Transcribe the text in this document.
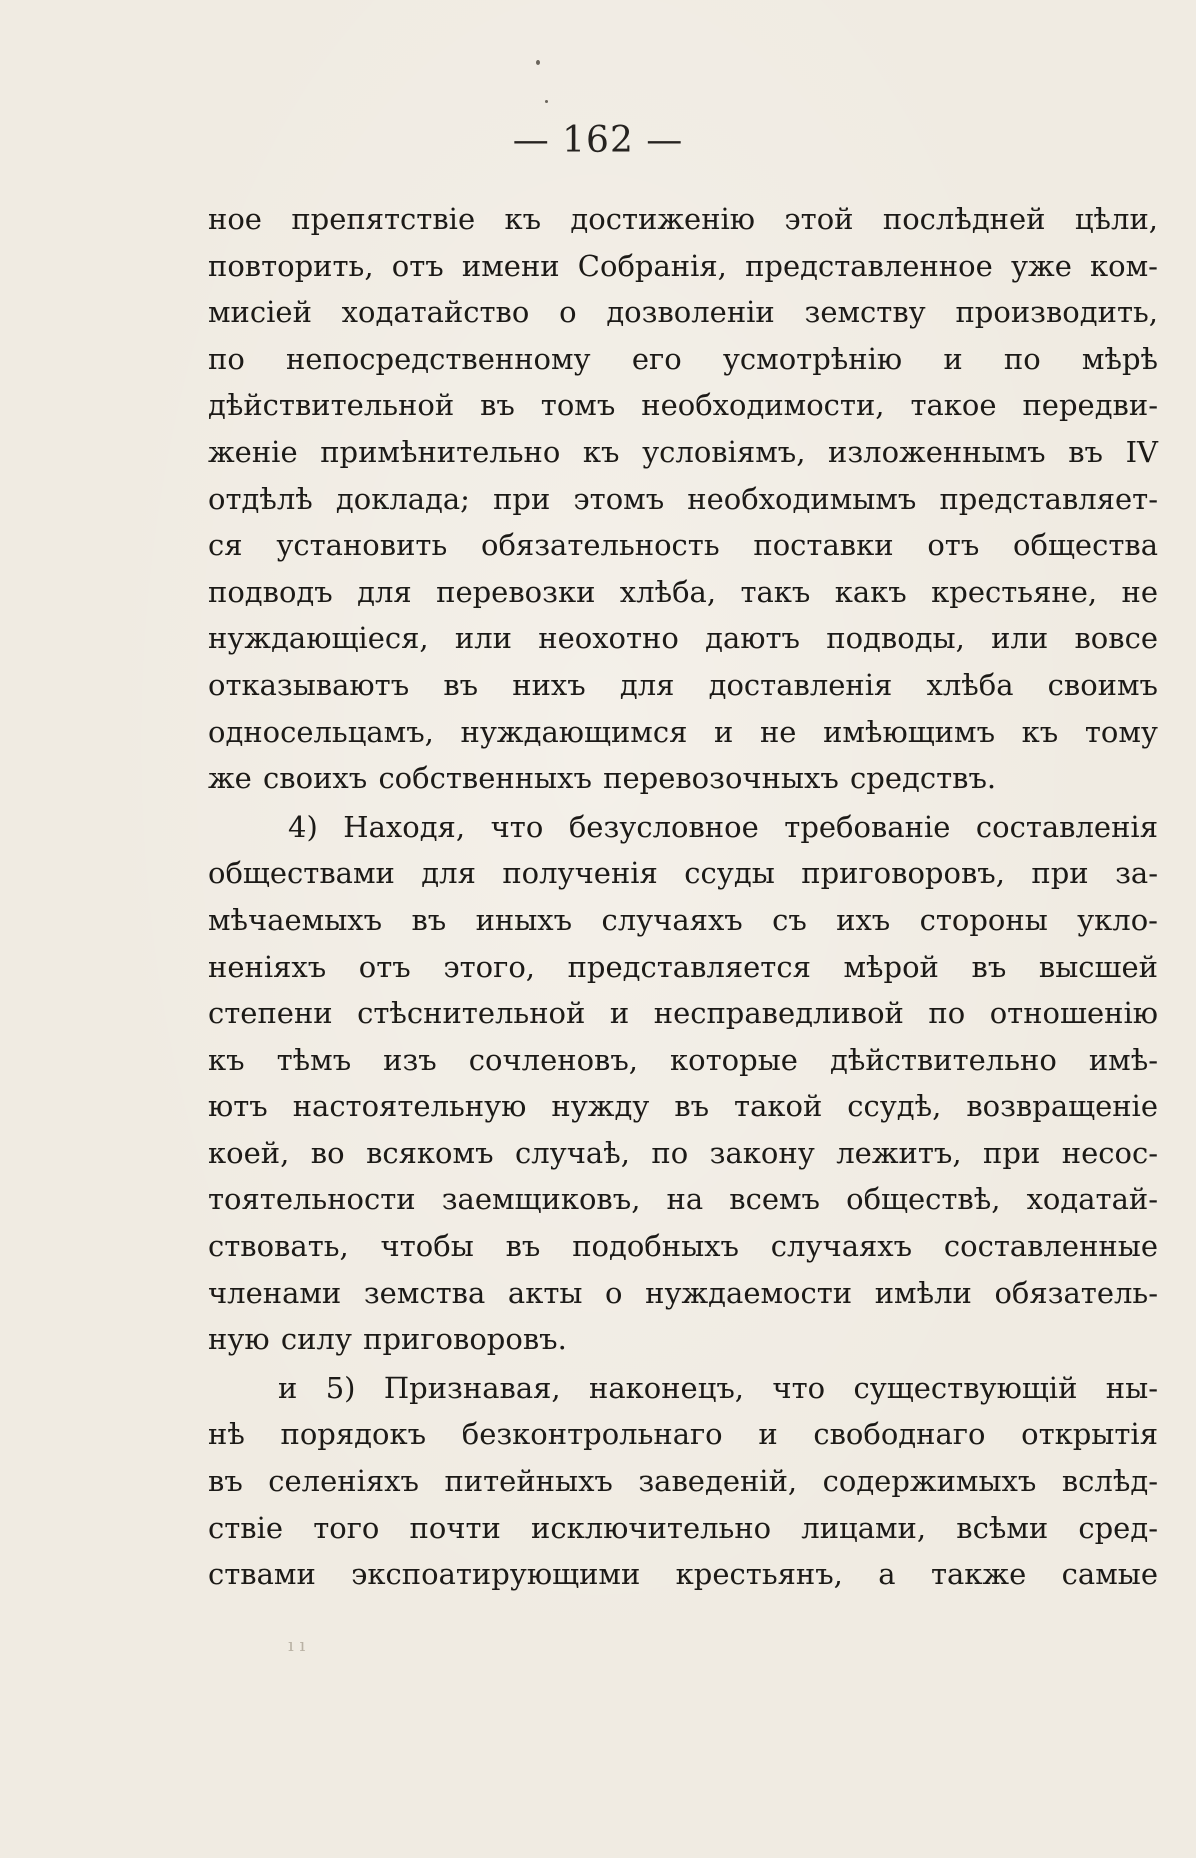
— 162 —
ное препятствіе къ достиженію этой послѣдней цѣли,
повторить, отъ имени Собранія, представленное уже ком-
мисіей ходатайство о дозволеніи земству производить,
по непосредственному его усмотрѣнію и по мѣрѣ
дѣйствительной въ томъ необходимости, такое передви-
женіе примѣнительно къ условіямъ, изложеннымъ въ IV
отдѣлѣ доклада; при этомъ необходимымъ представляет-
ся установить обязательность поставки отъ общества
подводъ для перевозки хлѣба, такъ какъ крестьяне, не
нуждающіеся, или неохотно даютъ подводы, или вовсе
отказываютъ въ нихъ для доставленія хлѣба своимъ
односельцамъ, нуждающимся и не имѣющимъ къ тому
же своихъ собственныхъ перевозочныхъ средствъ.
4) Находя, что безусловное требованіе составленія
обществами для полученія ссуды приговоровъ, при за-
мѣчаемыхъ въ иныхъ случаяхъ съ ихъ стороны укло-
неніяхъ отъ этого, представляется мѣрой въ высшей
степени стѣснительной и несправедливой по отношенію
къ тѣмъ изъ сочленовъ, которые дѣйствительно имѣ-
ютъ настоятельную нужду въ такой ссудѣ, возвращеніе
коей, во всякомъ случаѣ, по закону лежитъ, при несос-
тоятельности заемщиковъ, на всемъ обществѣ, ходатай-
ствовать, чтобы въ подобныхъ случаяхъ составленные
членами земства акты о нуждаемости имѣли обязатель-
ную силу приговоровъ.
и 5) Признавая, наконецъ, что существующій ны-
нѣ порядокъ безконтрольнаго и свободнаго открытія
въ селеніяхъ питейныхъ заведеній, содержимыхъ вслѣд-
ствіе того почти исключительно лицами, всѣми сред-
ствами экспоатирующими крестьянъ, а также самые
ı ı
